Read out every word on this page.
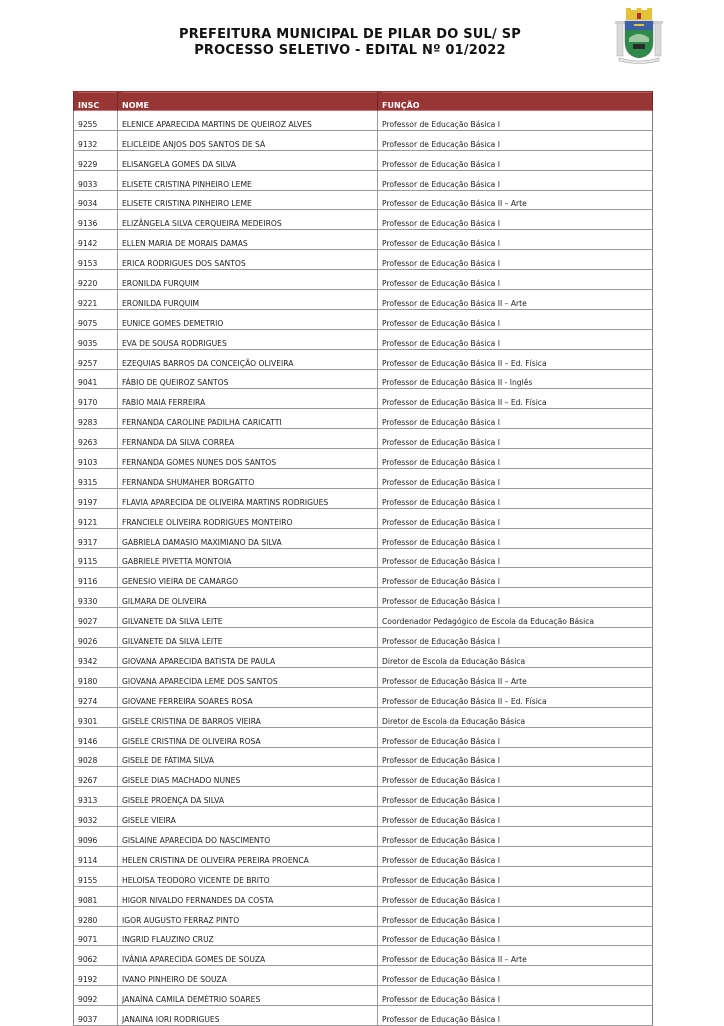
PREFEITURA MUNICIPAL DE PILAR DO SUL/ SP
PROCESSO SELETIVO - EDITAL Nº 01/2022
INSC	NOME	FUNÇÃO

9255	ELENICE APARECIDA MARTINS DE QUEIROZ ALVES	Professor de Educação Básica I
9132	ELICLEIDE ANJOS DOS SANTOS DE SÁ	Professor de Educação Básica I
9229	ELISANGELA GOMES DA SILVA	Professor de Educação Básica I
9033	ELISETE CRISTINA PINHEIRO LEME	Professor de Educação Básica I
9034	ELISETE CRISTINA PINHEIRO LEME	Professor de Educação Básica II – Arte
9136	ELIZÂNGELA SILVA CERQUEIRA MEDEIROS	Professor de Educação Básica I
9142	ELLEN MARIA DE MORAIS DAMAS	Professor de Educação Básica I
9153	ERICA RODRIGUES DOS SANTOS	Professor de Educação Básica I
9220	ERONILDA FURQUIM	Professor de Educação Básica I
9221	ERONILDA FURQUIM	Professor de Educação Básica II – Arte
9075	EUNICE GOMES DEMETRIO	Professor de Educação Básica I
9035	EVA DE SOUSA RODRIGUES	Professor de Educação Básica I
9257	EZEQUIAS BARROS DA CONCEIÇÃO OLIVEIRA	Professor de Educação Básica II – Ed. Física
9041	FÁBIO DE QUEIROZ SANTOS	Professor de Educação Básica II - Inglês
9170	FABIO MAIA FERREIRA	Professor de Educação Básica II – Ed. Física
9283	FERNANDA CAROLINE PADILHA CARICATTI	Professor de Educação Básica I
9263	FERNANDA DA SILVA CORREA	Professor de Educação Básica I
9103	FERNANDA GOMES NUNES DOS SANTOS	Professor de Educação Básica I
9315	FERNANDA SHUMAHER BORGATTO	Professor de Educação Básica I
9197	FLAVIA APARECIDA DE OLIVEIRA MARTINS RODRIGUES	Professor de Educação Básica I
9121	FRANCIELE OLIVEIRA RODRIGUES MONTEIRO	Professor de Educação Básica I
9317	GABRIELA DAMASIO MAXIMIANO DA SILVA	Professor de Educação Básica I
9115	GABRIELE PIVETTA MONTOIA	Professor de Educação Básica I
9116	GENESIO VIEIRA DE CAMARGO	Professor de Educação Básica I
9330	GILMARA DE OLIVEIRA	Professor de Educação Básica I
9027	GILVANETE DA SILVA LEITE	Coordenador Pedagógico de Escola da Educação Básica
9026	GILVANETE DA SILVA LEITE	Professor de Educação Básica I
9342	GIOVANA APARECIDA BATISTA DE PAULA	Diretor de Escola da Educação Básica
9180	GIOVANA APARECIDA LEME DOS SANTOS	Professor de Educação Básica II – Arte
9274	GIOVANE FERREIRA SOARES ROSA	Professor de Educação Básica II – Ed. Física
9301	GISELE CRISTINA DE BARROS VIEIRA	Diretor de Escola da Educação Básica
9146	GISELE CRISTINA DE OLIVEIRA ROSA	Professor de Educação Básica I
9028	GISELE DE FÁTIMA SILVA	Professor de Educação Básica I
9267	GISELE DIAS MACHADO NUNES	Professor de Educação Básica I
9313	GISELE PROENÇA DA SILVA	Professor de Educação Básica I
9032	GISELE VIEIRA	Professor de Educação Básica I
9096	GISLAINE APARECIDA DO NASCIMENTO	Professor de Educação Básica I
9114	HELEN CRISTINA DE OLIVEIRA PEREIRA PROENCA	Professor de Educação Básica I
9155	HELOISA TEODORO VICENTE DE BRITO	Professor de Educação Básica I
9081	HIGOR NIVALDO FERNANDES DA COSTA	Professor de Educação Básica I
9280	IGOR AUGUSTO FERRAZ PINTO	Professor de Educação Básica I
9071	INGRID FLAUZINO CRUZ	Professor de Educação Básica I
9062	IVÂNIA APARECIDA GOMES DE SOUZA	Professor de Educação Básica II – Arte
9192	IVANO PINHEIRO DE SOUZA	Professor de Educação Básica I
9092	JANAÍNA CAMILA DEMÉTRIO SOARES	Professor de Educação Básica I
9037	JANAINA IORI RODRIGUES	Professor de Educação Básica I
